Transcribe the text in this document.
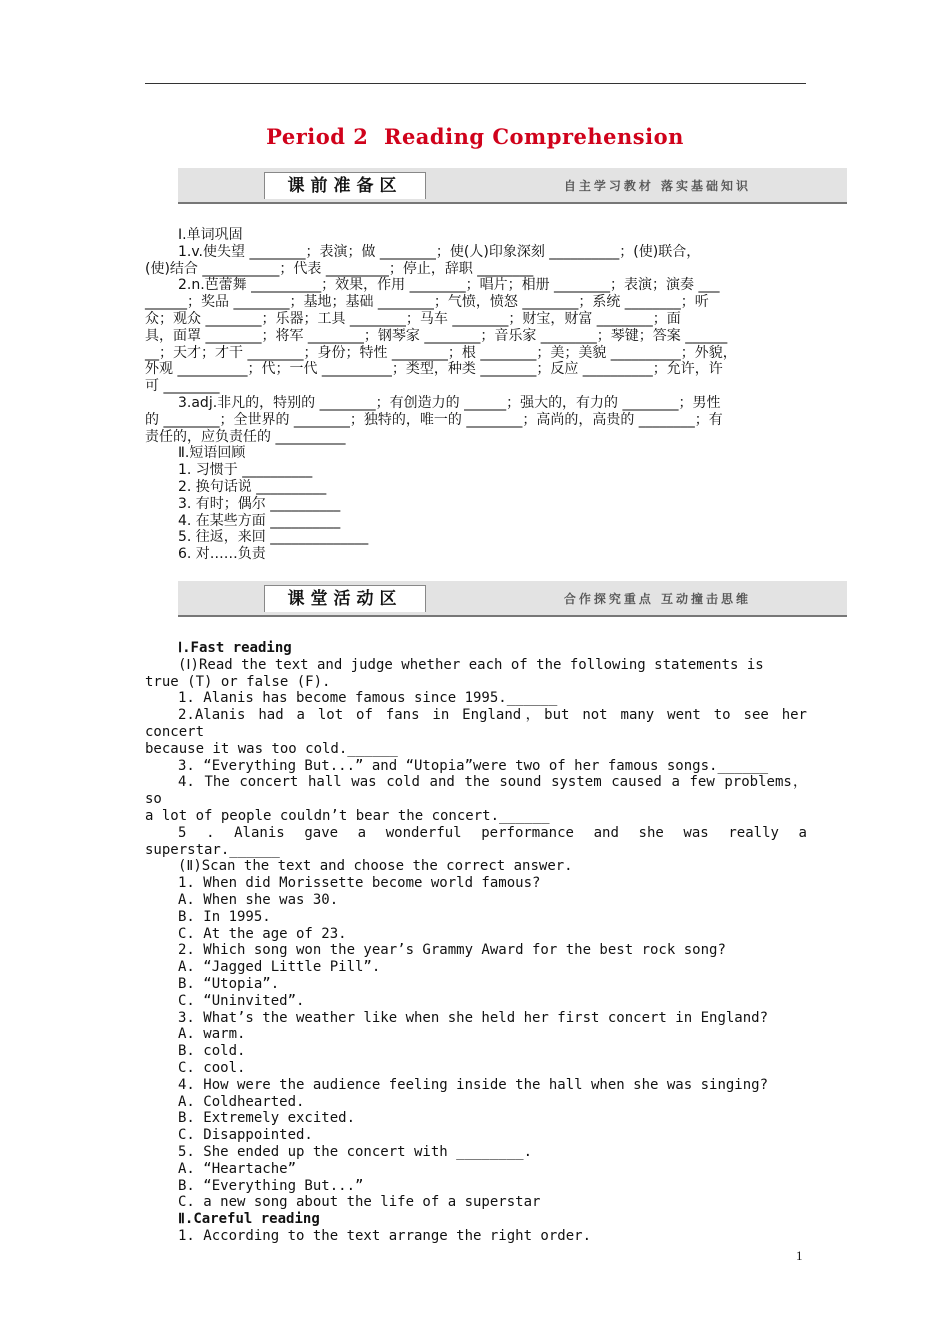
Period 2  Reading Comprehension
课前准备区	自主学习教材 落实基础知识

Ⅰ.单词巩固

1.v.使失望 ________；表演；做 ________；使(人)印象深刻 __________；(使)联合，

(使)结合 ___________；代表 _________；停止，辞职 ________

2.n.芭蕾舞 __________；效果，作用 ________；唱片；相册 ________；表演；演奏 ___

______；奖品 ________；基地；基础 ________；气愤，愤怒 ________；系统 ________；听

众；观众 ________；乐器；工具 ________；马车 ________；财宝，财富 ________；面

具，面罩 ________；将军 ________；钢琴家 ________；音乐家 ________；琴键；答案 ______

__；天才；才干 ________；身份；特性 ________；根 ________；美；美貌 __________；外貌，

外观 __________；代；一代 __________；类型，种类 ________；反应 __________；允许，许

可 ________

3.adj.非凡的，特别的 ________；有创造力的 ______；强大的，有力的 ________；男性

的 ________；全世界的 ________；独特的，唯一的 ________；高尚的，高贵的 ________；有

责任的，应负责任的 __________

Ⅱ.短语回顾

1. 习惯于 __________

2. 换句话说 __________

3. 有时；偶尔 __________

4. 在某些方面 __________

5. 往返，来回 ______________

6. 对……负责

课堂活动区	合作探究重点 互动撞击思维

Ⅰ.Fast reading

(Ⅰ)Read the text and judge whether each of the following statements is

true (T) or false (F).

1. Alanis has become famous since 1995.______

2.Alanis had a lot of fans in England，but not many went to see her concert

because it was too cold.______

3. “Everything But...” and “Utopia”were two of her famous songs.______

4. The concert hall was cold and the sound system caused a few problems，so

a lot of people couldn’t bear the concert.______

5 . Alanis gave a wonderful performance and she was really a

superstar.______

(Ⅱ)Scan the text and choose the correct answer.

1. When did Morissette become world famous?

A. When she was 30.

B. In 1995.

C. At the age of 23.

2. Which song won the year’s Grammy Award for the best rock song?

A. “Jagged Little Pill”.

B. “Utopia”.

C. “Uninvited”.

3. What’s the weather like when she held her first concert in England?

A. warm.

B. cold.

C. cool.

4. How were the audience feeling inside the hall when she was singing?

A. Coldhearted.

B. Extremely excited.

C. Disappointed.

5. She ended up the concert with ________.

A. “Heartache”

B. “Everything But...”

C. a new song about the life of a superstar

Ⅱ.Careful reading

1. According to the text arrange the right order.

1
